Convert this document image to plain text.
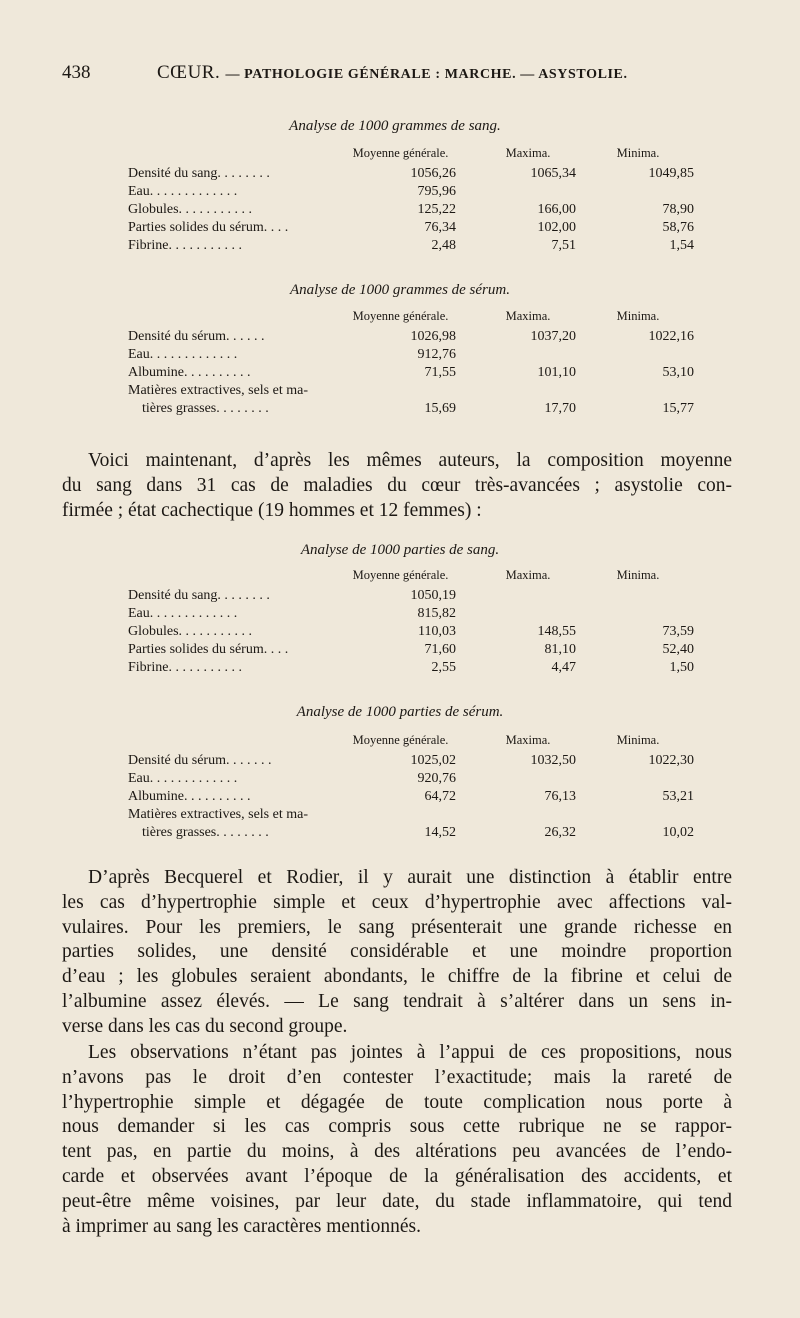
438	CŒUR. — PATHOLOGIE GÉNÉRALE : MARCHE. — ASYSTOLIE.
Analyse de 1000 grammes de sang.
Moyenne générale.	Maxima.	Minima.
Densité du sang. . . . . . . .	1056,26	1065,34	1049,85
Eau. . . . . . . . . . . . .	795,96
Globules. . . . . . . . . . .	125,22	166,00	78,90
Parties solides du sérum. . . .	76,34	102,00	58,76
Fibrine. . . . . . . . . . .	2,48	7,51	1,54
Analyse de 1000 grammes de sérum.
Moyenne générale.	Maxima.	Minima.
Densité du sérum. . . . . .	1026,98	1037,20	1022,16
Eau. . . . . . . . . . . . .	912,76
Albumine. . . . . . . . . .	71,55	101,10	53,10
Matières extractives, sels et ma-
tières grasses. . . . . . . .	15,69	17,70	15,77
Voici maintenant, d’après les mêmes auteurs, la composition moyenne
du sang dans 31 cas de maladies du cœur très-avancées ; asystolie con-
firmée ; état cachectique (19 hommes et 12 femmes) :
Analyse de 1000 parties de sang.
Moyenne générale.	Maxima.	Minima.
Densité du sang. . . . . . . .	1050,19
Eau. . . . . . . . . . . . .	815,82
Globules. . . . . . . . . . .	110,03	148,55	73,59
Parties solides du sérum. . . .	71,60	81,10	52,40
Fibrine. . . . . . . . . . .	2,55	4,47	1,50
Analyse de 1000 parties de sérum.
Moyenne générale.	Maxima.	Minima.
Densité du sérum. . . . . . .	1025,02	1032,50	1022,30
Eau. . . . . . . . . . . . .	920,76
Albumine. . . . . . . . . .	64,72	76,13	53,21
Matières extractives, sels et ma-
tières grasses. . . . . . . .	14,52	26,32	10,02
D’après Becquerel et Rodier, il y aurait une distinction à établir entre
les cas d’hypertrophie simple et ceux d’hypertrophie avec affections val-
vulaires. Pour les premiers, le sang présenterait une grande richesse en
parties solides, une densité considérable et une moindre proportion
d’eau ; les globules seraient abondants, le chiffre de la fibrine et celui de
l’albumine assez élevés. — Le sang tendrait à s’altérer dans un sens in-
verse dans les cas du second groupe.
Les observations n’étant pas jointes à l’appui de ces propositions, nous
n’avons pas le droit d’en contester l’exactitude; mais la rareté de
l’hypertrophie simple et dégagée de toute complication nous porte à
nous demander si les cas compris sous cette rubrique ne se rappor-
tent pas, en partie du moins, à des altérations peu avancées de l’endo-
carde et observées avant l’époque de la généralisation des accidents, et
peut-être même voisines, par leur date, du stade inflammatoire, qui tend
à imprimer au sang les caractères mentionnés.
